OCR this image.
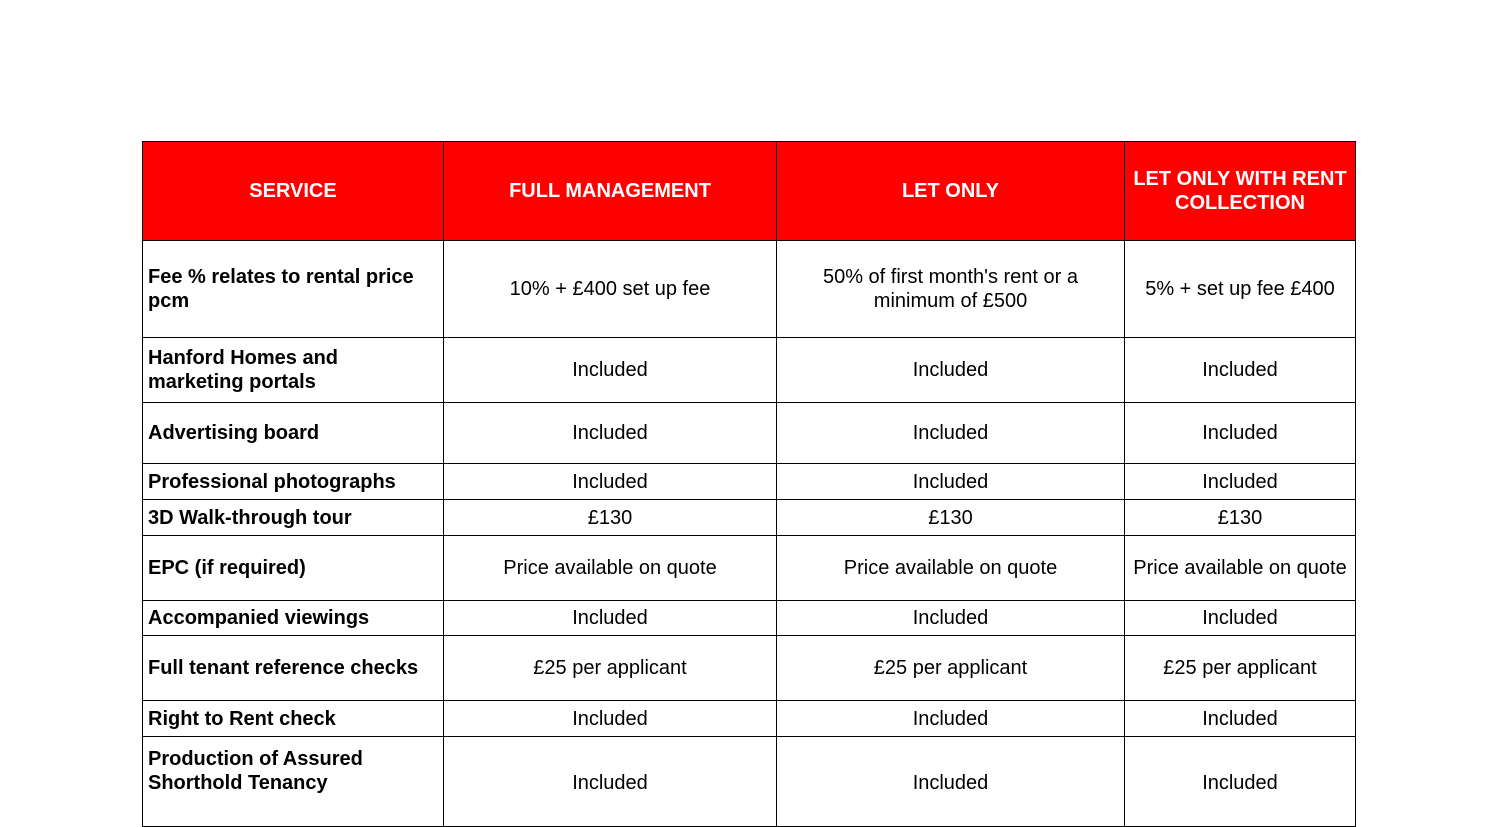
SERVICE	FULL MANAGEMENT	LET ONLY	LET ONLY WITH RENT COLLECTION
Fee % relates to rental price pcm	10% + £400 set up fee	50% of first month's rent or a minimum of £500	5% + set up fee £400
Hanford Homes and marketing portals	Included	Included	Included
Advertising board	Included	Included	Included
Professional photographs	Included	Included	Included
3D Walk-through tour	£130	£130	£130
EPC (if required)	Price available on quote	Price available on quote	Price available on quote
Accompanied viewings	Included	Included	Included
Full tenant reference checks	£25 per applicant	£25 per applicant	£25 per applicant
Right to Rent check	Included	Included	Included
Production of Assured Shorthold Tenancy	Included	Included	Included
